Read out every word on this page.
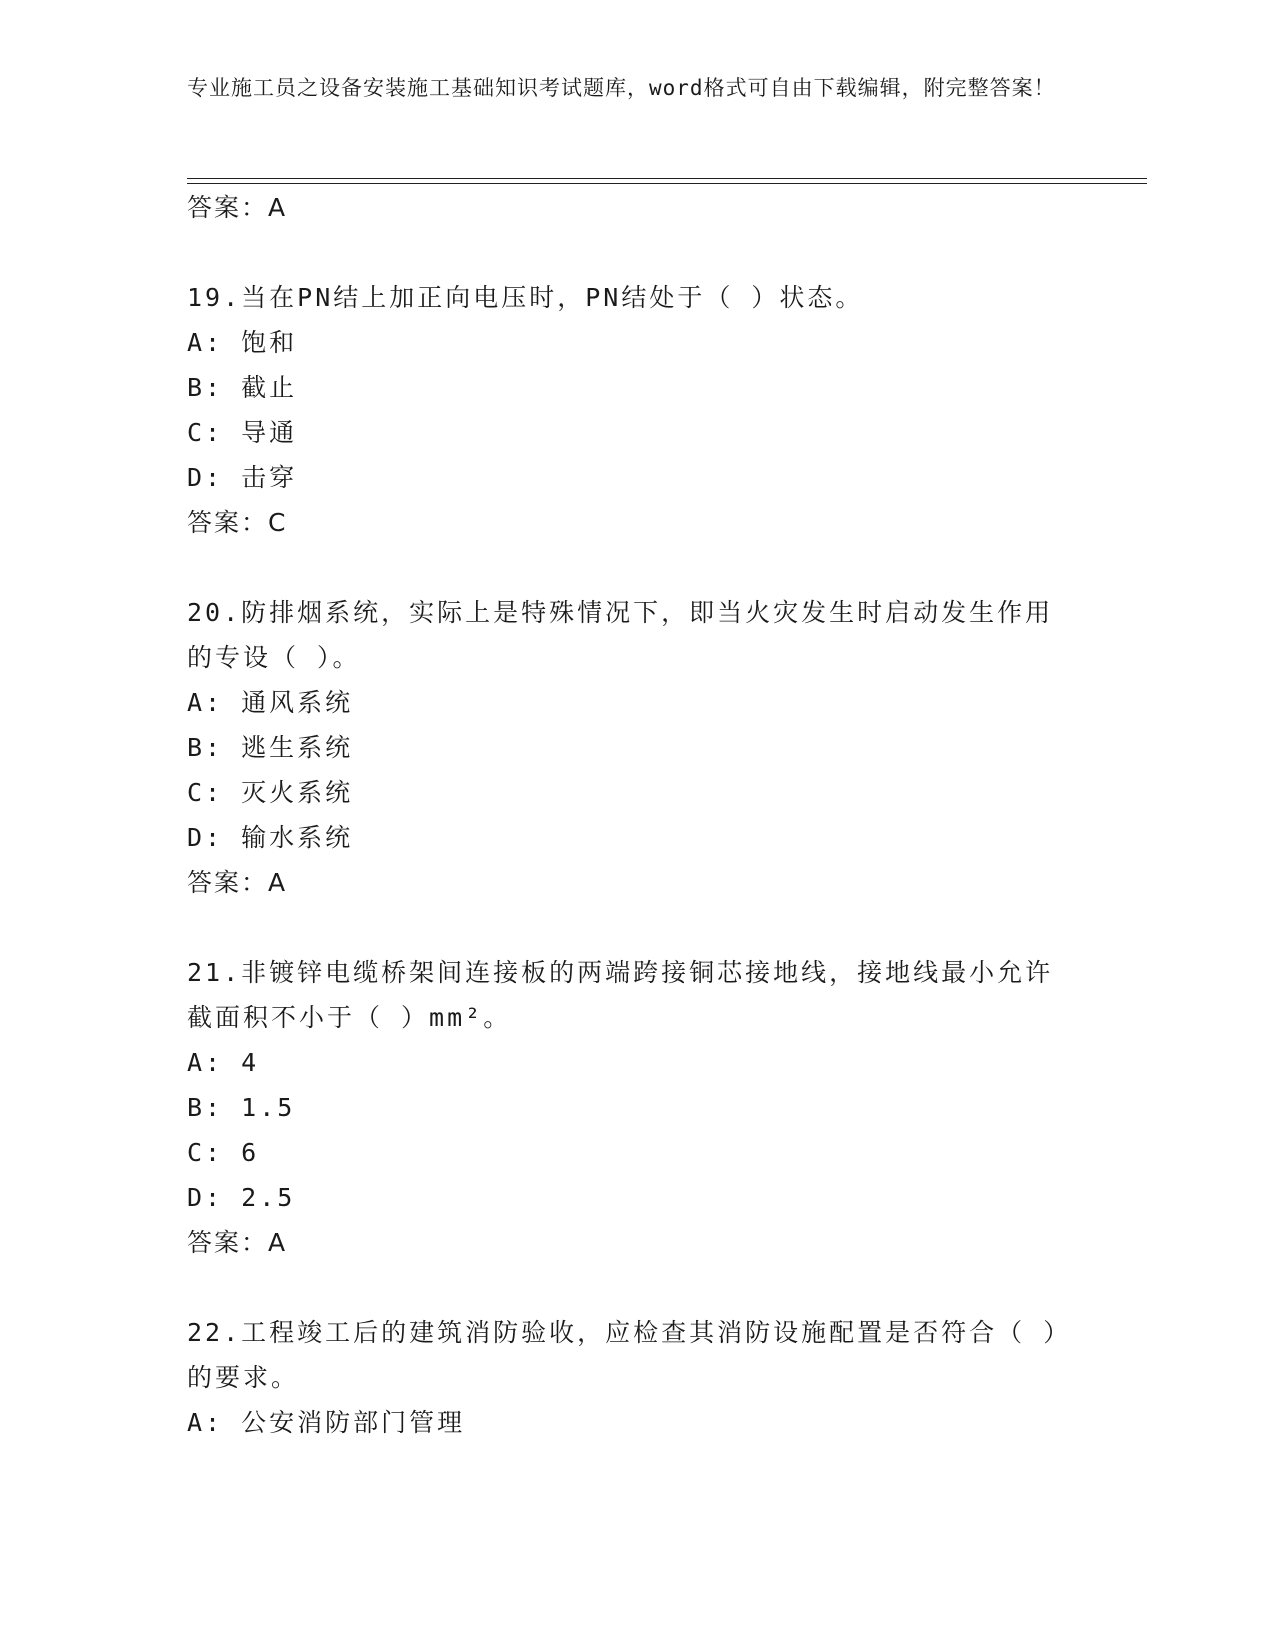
专业施工员之设备安装施工基础知识考试题库，word格式可自由下载编辑，附完整答案！
答案：A
19.当在PN结上加正向电压时，PN结处于（ ）状态。
A: 饱和
B: 截止
C: 导通
D: 击穿
答案：C
20.防排烟系统，实际上是特殊情况下，即当火灾发生时启动发生作用的专设（ ）。
A: 通风系统
B: 逃生系统
C: 灭火系统
D: 输水系统
答案：A
21.非镀锌电缆桥架间连接板的两端跨接铜芯接地线，接地线最小允许截面积不小于（ ）mm²。
A: 4
B: 1.5
C: 6
D: 2.5
答案：A
22.工程竣工后的建筑消防验收，应检查其消防设施配置是否符合（ ）的要求。
A: 公安消防部门管理
